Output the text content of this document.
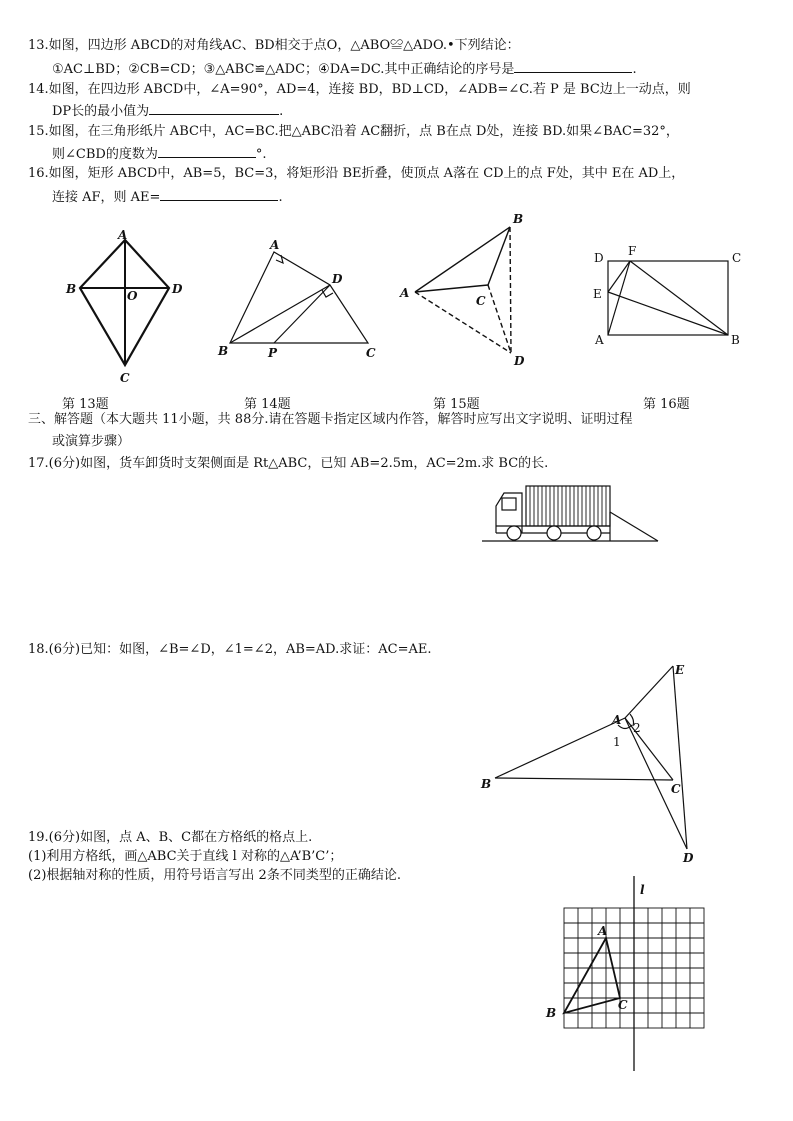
13.如图，四边形 ABCD的对角线AC、BD相交于点O，△ABO≌△ADO.•下列结论：
①AC⊥BD；②CB=CD；③△ABC≌△ADC；④DA=DC.其中正确结论的序号是	.
14.如图，在四边形 ABCD中，∠A=90°，AD=4，连接 BD，BD⊥CD，∠ADB=∠C.若 P 是 BC边上一动点，则
DP长的最小值为	.
15.如图，在三角形纸片 ABC中，AC=BC.把△ABC沿着 AC翻折，点 B在点 D处，连接 BD.如果∠BAC=32°，
则∠CBD的度数为	°.
16.如图，矩形 ABCD中，AB=5，BC=3，将矩形沿 BE折叠，使顶点 A落在 CD上的点 F处，其中 E在 AD上，
连接 AF，则 AE=	.
A
B
C
D
O
A
B	C
D
P
A
B
C
D
D F	C
E
A	B
第 13题	第 14题	第 15题	第 16题
三、解答题（本大题共 11小题，共 88分.请在答题卡指定区域内作答，解答时应写出文字说明、证明过程
或演算步骤）
17.(6分)如图，货车卸货时支架侧面是 Rt△ABC，已知 AB=2.5m，AC=2m.求 BC的长.
18.(6分)已知：如图，∠B=∠D，∠1=∠2，AB=AD.求证：AC=AE.
E
A
2
1
B	C
D
19.(6分)如图，点 A、B、C都在方格纸的格点上.
(1)利用方格纸，画△ABC关于直线 l 对称的△A’B’C’；
(2)根据轴对称的性质，用符号语言写出 2条不同类型的正确结论.
l
A
B
C
